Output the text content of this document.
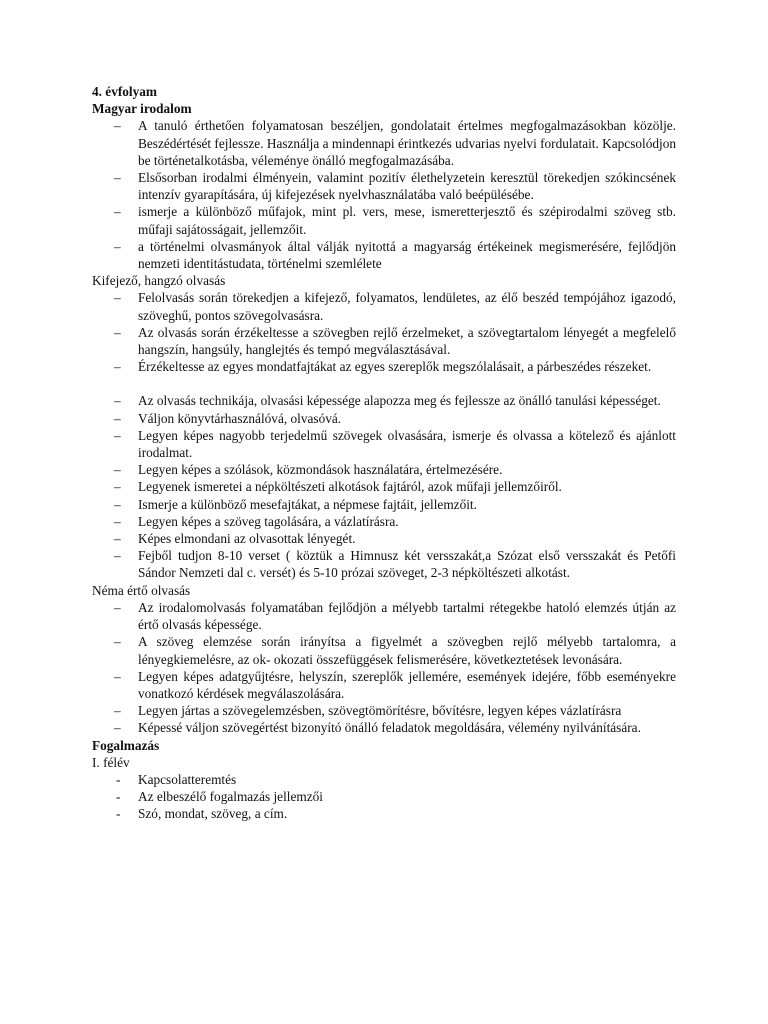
4. évfolyam
Magyar irodalom
– A tanuló érthetően folyamatosan beszéljen, gondolatait értelmes megfogalmazásokban közölje. Beszédértését fejlessze. Használja a mindennapi érintkezés udvarias nyelvi fordulatait. Kapcsolódjon be történetalkotásba, véleménye önálló megfogalmazásába.
– Elsősorban irodalmi élményein, valamint pozitív élethelyzetein keresztül törekedjen szókincsének intenzív gyarapítására, új kifejezések nyelvhasználatába való beépülésébe.
– ismerje a különböző műfajok, mint pl. vers, mese, ismeretterjesztő és szépirodalmi szöveg stb. műfaji sajátosságait, jellemzőit.
– a történelmi olvasmányok által válják nyitottá a magyarság értékeinek megismerésére, fejlődjön nemzeti identitástudata, történelmi szemlélete
Kifejező, hangzó olvasás
– Felolvasás során törekedjen a kifejező, folyamatos, lendületes, az élő beszéd tempójához igazodó, szöveghű, pontos szövegolvasásra.
– Az olvasás során érzékeltesse a szövegben rejlő érzelmeket, a szövegtartalom lényegét a megfelelő hangszín, hangsúly, hanglejtés és tempó megválasztásával.
– Érzékeltesse az egyes mondatfajtákat az egyes szereplők megszólalásait, a párbeszédes részeket.
– Az olvasás technikája, olvasási képessége alapozza meg és fejlessze az önálló tanulási képességet.
– Váljon könyvtárhasználóvá, olvasóvá.
– Legyen képes nagyobb terjedelmű szövegek olvasására, ismerje és olvassa a kötelező és ajánlott irodalmat.
– Legyen képes a szólások, közmondások használatára, értelmezésére.
– Legyenek ismeretei a népköltészeti alkotások fajtáról, azok műfaji jellemzőiről.
– Ismerje a különböző mesefajtákat, a népmese fajtáit, jellemzőit.
– Legyen képes a szöveg tagolására, a vázlatírásra.
– Képes elmondani az olvasottak lényegét.
– Fejből tudjon 8-10 verset ( köztük a Himnusz két versszakát,a Szózat első versszakát és Petőfi Sándor Nemzeti dal c. versét) és 5-10 prózai szöveget, 2-3 népköltészeti alkotást.
Néma értő olvasás
– Az irodalomolvasás folyamatában fejlődjön a mélyebb tartalmi rétegekbe hatoló elemzés útján az értő olvasás képessége.
– A szöveg elemzése során irányítsa a figyelmét a szövegben rejlő mélyebb tartalomra, a lényegkiemelésre, az ok- okozati összefüggések felismerésére, következtetések levonására.
– Legyen képes adatgyűjtésre, helyszín, szereplők jellemére, események idejére, főbb eseményekre vonatkozó kérdések megválaszolására.
– Legyen jártas a szövegelemzésben, szövegtömörítésre, bővítésre, legyen képes vázlatírásra
– Képessé váljon szövegértést bizonyító önálló feladatok megoldására, vélemény nyilvánítására.
Fogalmazás
I. félév
- Kapcsolatteremtés
- Az elbeszélő fogalmazás jellemzői
- Szó, mondat, szöveg, a cím.
